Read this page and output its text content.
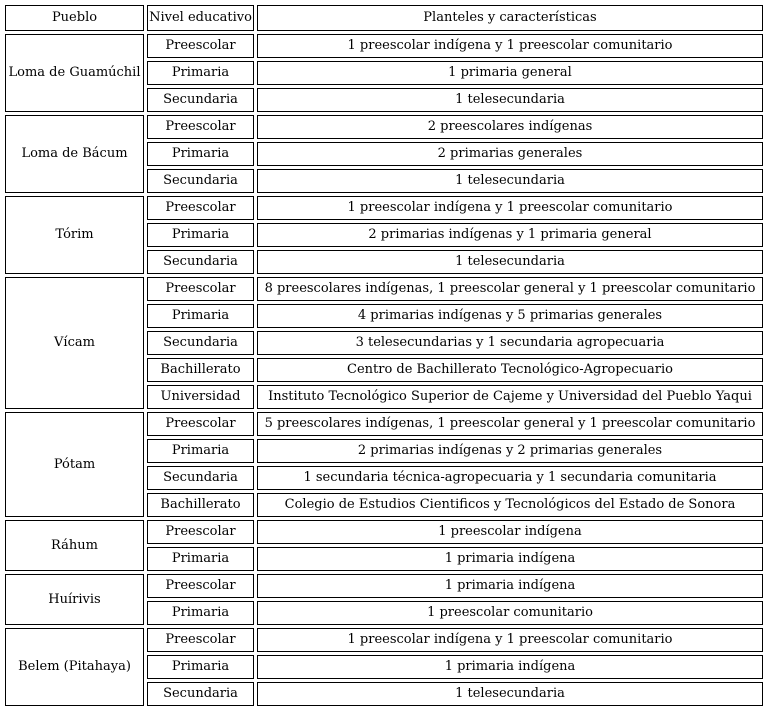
Pueblo	Nivel educativo	Planteles y características
Loma de Guamúchil	Preescolar	1 preescolar indígena y 1 preescolar comunitario
	Primaria	1 primaria general
	Secundaria	1 telesecundaria
Loma de Bácum	Preescolar	2 preescolares indígenas
	Primaria	2 primarias generales
	Secundaria	1 telesecundaria
Tórim	Preescolar	1 preescolar indígena y 1 preescolar comunitario
	Primaria	2 primarias indígenas y 1 primaria general
	Secundaria	1 telesecundaria
Vícam	Preescolar	8 preescolares indígenas, 1 preescolar general y 1 preescolar comunitario
	Primaria	4 primarias indígenas y 5 primarias generales
	Secundaria	3 telesecundarias y 1 secundaria agropecuaria
	Bachillerato	Centro de Bachillerato Tecnológico-Agropecuario
	Universidad	Instituto Tecnológico Superior de Cajeme y Universidad del Pueblo Yaqui
Pótam	Preescolar	5 preescolares indígenas, 1 preescolar general y 1 preescolar comunitario
	Primaria	2 primarias indígenas y 2 primarias generales
	Secundaria	1 secundaria técnica-agropecuaria y 1 secundaria comunitaria
	Bachillerato	Colegio de Estudios Cientificos y Tecnológicos del Estado de Sonora
Ráhum	Preescolar	1 preescolar indígena
	Primaria	1 primaria indígena
Huírivis	Preescolar	1 primaria indígena
	Primaria	1 preescolar comunitario
Belem (Pitahaya)	Preescolar	1 preescolar indígena y 1 preescolar comunitario
	Primaria	1 primaria indígena
	Secundaria	1 telesecundaria
